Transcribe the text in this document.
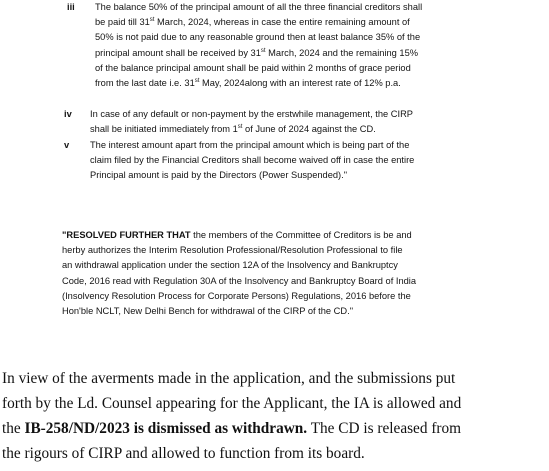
iii The balance 50% of the principal amount of all the three financial creditors shall
be paid till 31st March, 2024, whereas in case the entire remaining amount of
50% is not paid due to any reasonable ground then at least balance 35% of the
principal amount shall be received by 31st March, 2024 and the remaining 15%
of the balance principal amount shall be paid within 2 months of grace period
from the last date i.e. 31st May, 2024along with an interest rate of 12% p.a.
iv In case of any default or non-payment by the erstwhile management, the CIRP
shall be initiated immediately from 1st of June of 2024 against the CD.
v The interest amount apart from the principal amount which is being part of the
claim filed by the Financial Creditors shall become waived off in case the entire
Principal amount is paid by the Directors (Power Suspended)."
"RESOLVED FURTHER THAT the members of the Committee of Creditors is be and
herby authorizes the Interim Resolution Professional/Resolution Professional to file
an withdrawal application under the section 12A of the Insolvency and Bankruptcy
Code, 2016 read with Regulation 30A of the Insolvency and Bankruptcy Board of India
(Insolvency Resolution Process for Corporate Persons) Regulations, 2016 before the
Hon'ble NCLT, New Delhi Bench for withdrawal of the CIRP of the CD."
In view of the averments made in the application, and the submissions put
forth by the Ld. Counsel appearing for the Applicant, the IA is allowed and
the IB-258/ND/2023 is dismissed as withdrawn. The CD is released from
the rigours of CIRP and allowed to function from its board.
